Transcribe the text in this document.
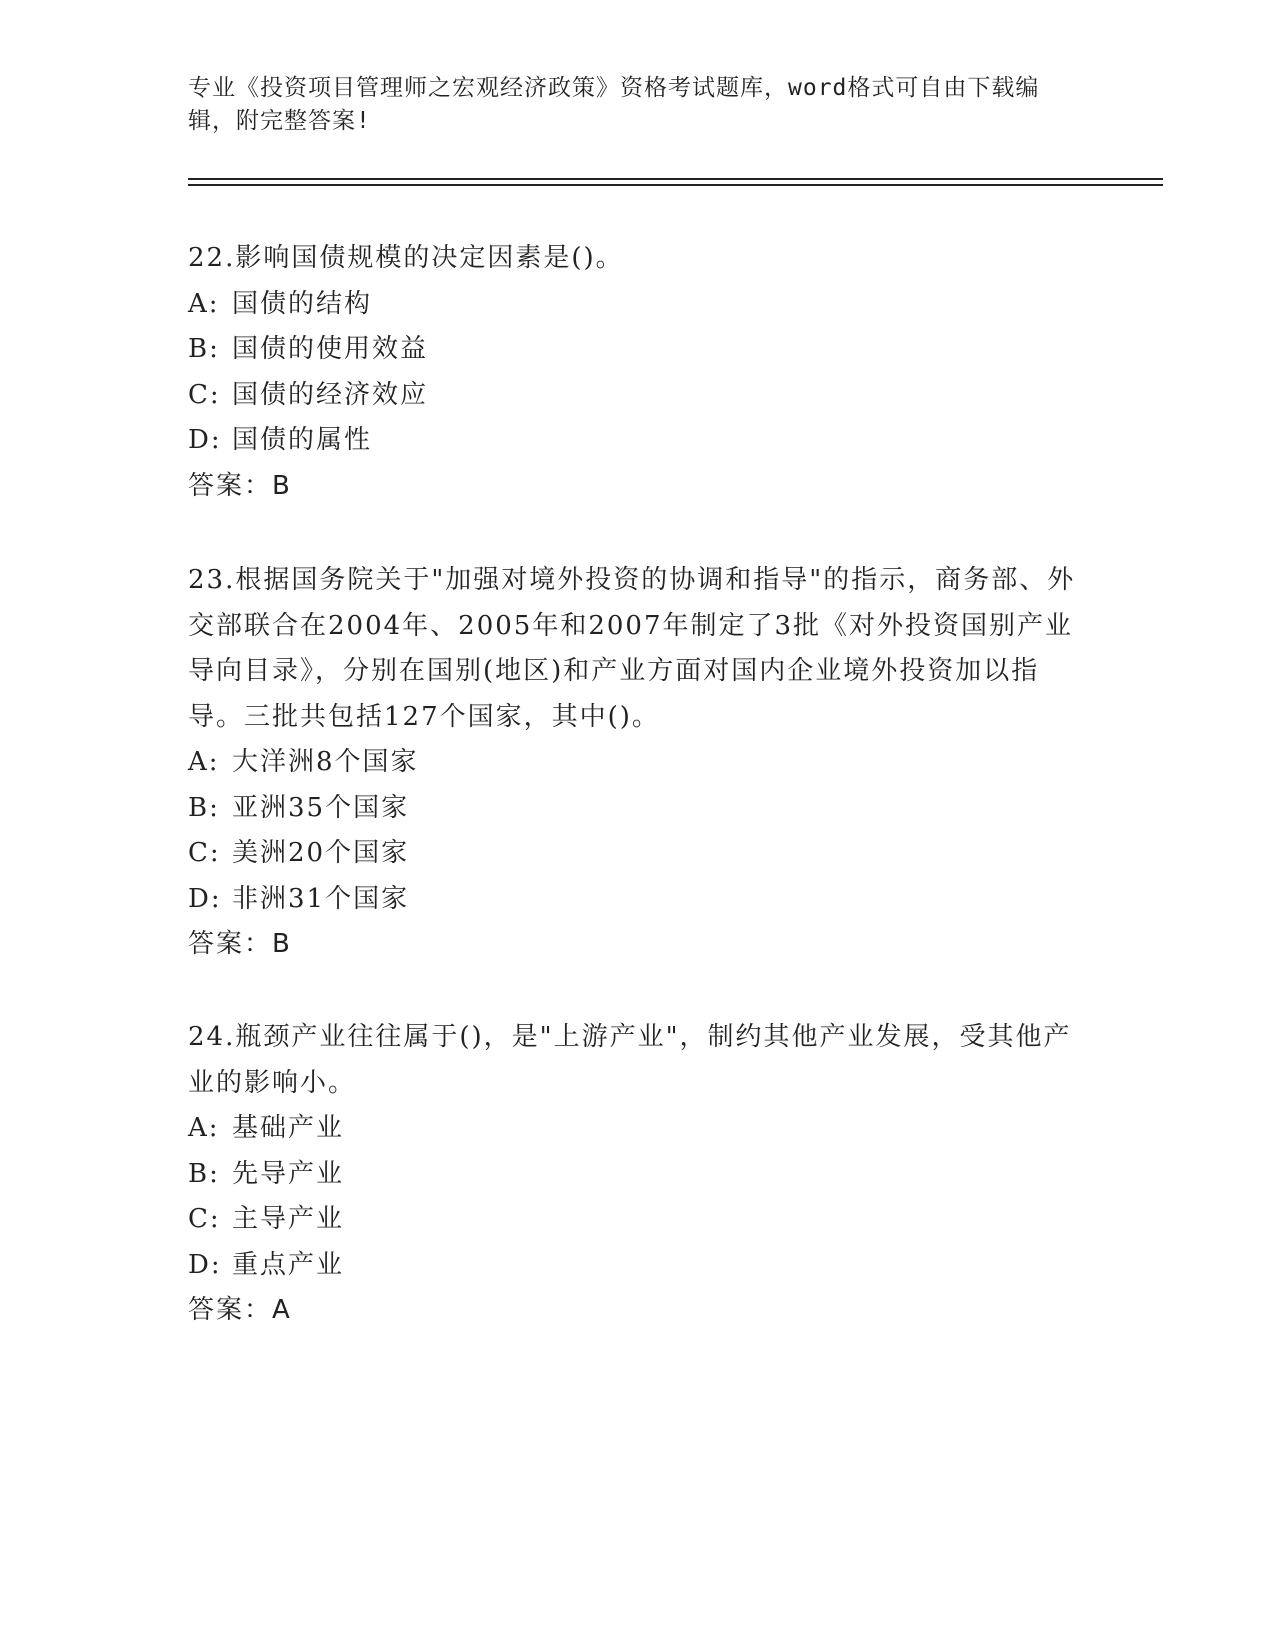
专业《投资项目管理师之宏观经济政策》资格考试题库，word格式可自由下载编
辑，附完整答案!
22.影响国债规模的决定因素是()。
A: 国债的结构
B: 国债的使用效益
C: 国债的经济效应
D: 国债的属性
答案：B
23.根据国务院关于"加强对境外投资的协调和指导"的指示，商务部、外交部联合在2004年、2005年和2007年制定了3批《对外投资国别产业导向目录》，分别在国别(地区)和产业方面对国内企业境外投资加以指导。三批共包括127个国家，其中()。
A: 大洋洲8个国家
B: 亚洲35个国家
C: 美洲20个国家
D: 非洲31个国家
答案：B
24.瓶颈产业往往属于()，是"上游产业"，制约其他产业发展，受其他产业的影响小。
A: 基础产业
B: 先导产业
C: 主导产业
D: 重点产业
答案：A
